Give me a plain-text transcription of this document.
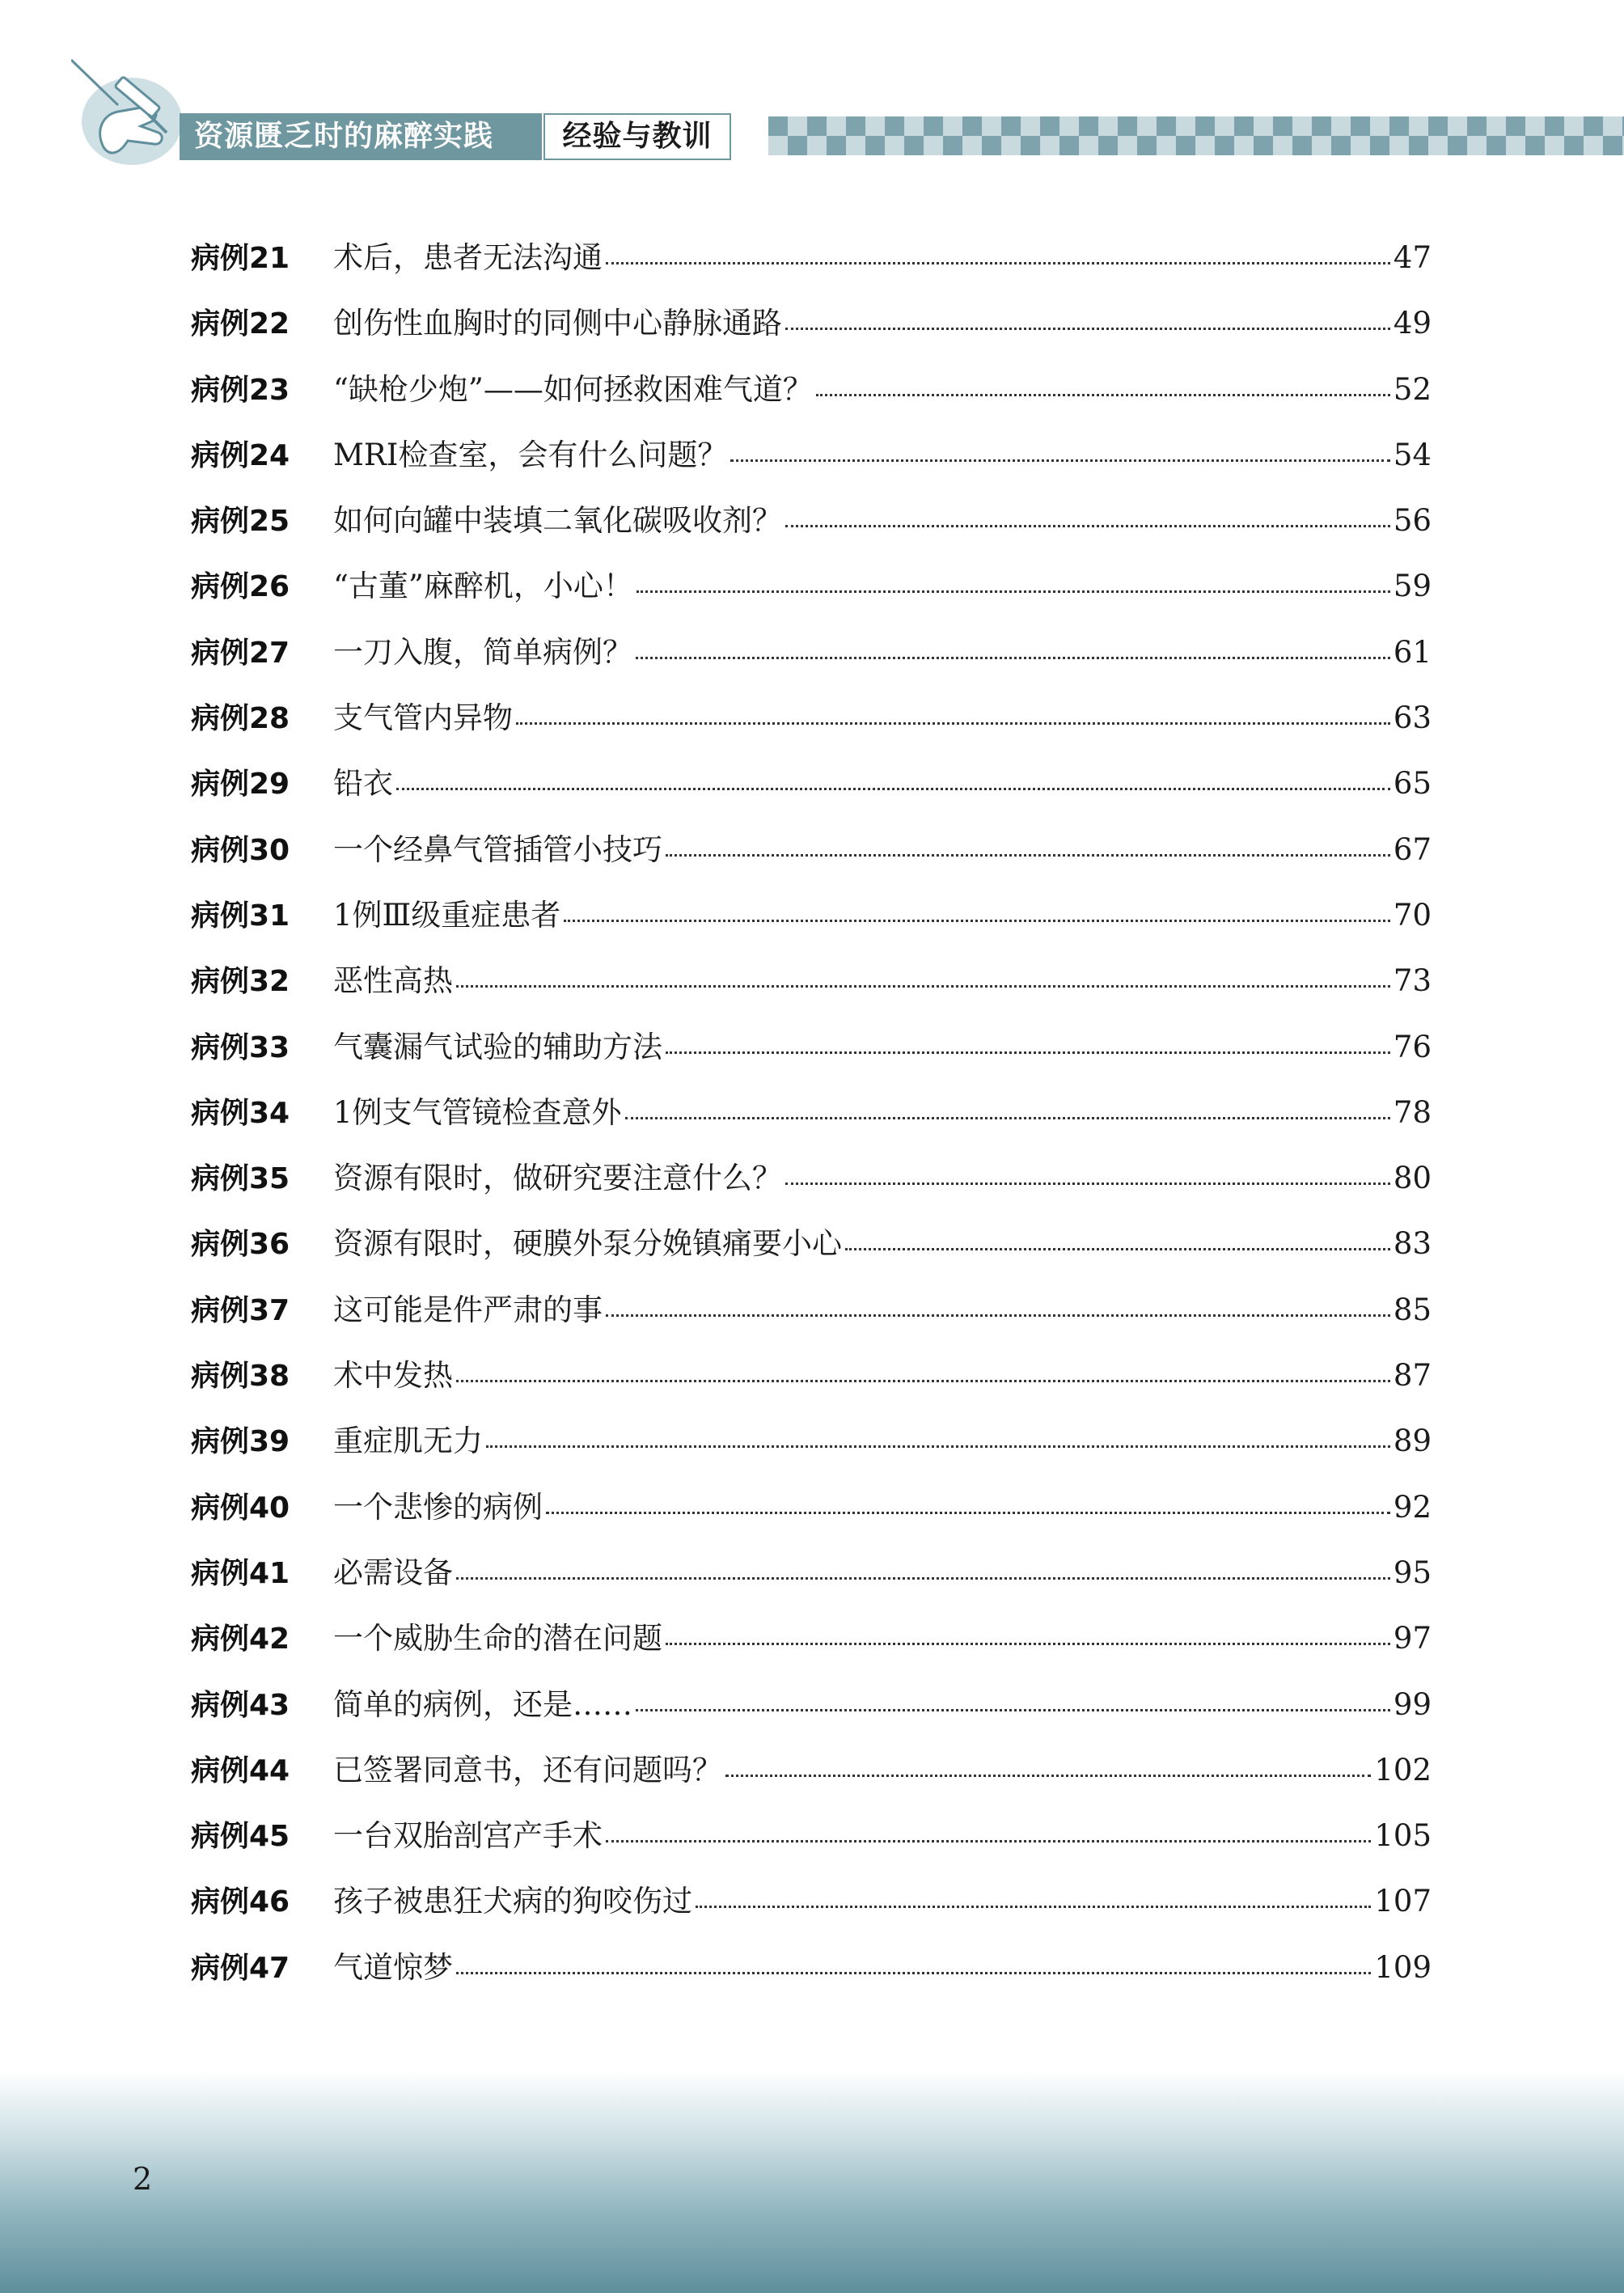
资源匮乏时的麻醉实践	经验与教训
病例21	术后，患者无法沟通	47
病例22	创伤性血胸时的同侧中心静脉通路	49
病例23	“缺枪少炮”——如何拯救困难气道？	52
病例24	MRI检查室，会有什么问题？	54
病例25	如何向罐中装填二氧化碳吸收剂？	56
病例26	“古董”麻醉机，小心！	59
病例27	一刀入腹，简单病例？	61
病例28	支气管内异物	63
病例29	铅衣	65
病例30	一个经鼻气管插管小技巧	67
病例31	1例Ⅲ级重症患者	70
病例32	恶性高热	73
病例33	气囊漏气试验的辅助方法	76
病例34	1例支气管镜检查意外	78
病例35	资源有限时，做研究要注意什么？	80
病例36	资源有限时，硬膜外泵分娩镇痛要小心	83
病例37	这可能是件严肃的事	85
病例38	术中发热	87
病例39	重症肌无力	89
病例40	一个悲惨的病例	92
病例41	必需设备	95
病例42	一个威胁生命的潜在问题	97
病例43	简单的病例，还是……	99
病例44	已签署同意书，还有问题吗？	102
病例45	一台双胎剖宫产手术	105
病例46	孩子被患狂犬病的狗咬伤过	107
病例47	气道惊梦	109
2
